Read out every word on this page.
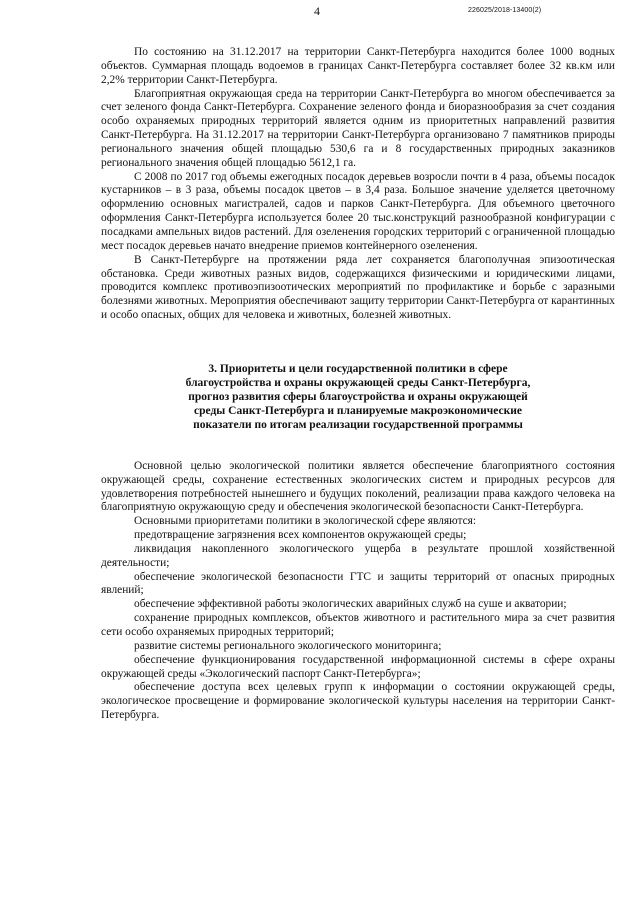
4	226025/2018-13400(2)

По состоянию на 31.12.2017 на территории Санкт-Петербурга находится более 1000 водных объектов. Суммарная площадь водоемов в границах Санкт-Петербурга составляет более 32 кв.км или 2,2% территории Санкт-Петербурга.

Благоприятная окружающая среда на территории Санкт-Петербурга во многом обеспечивается за счет зеленого фонда Санкт-Петербурга. Сохранение зеленого фонда и биоразнообразия за счет создания особо охраняемых природных территорий является одним из приоритетных направлений развития Санкт-Петербурга. На 31.12.2017 на территории Санкт-Петербурга организовано 7 памятников природы регионального значения общей площадью 530,6 га и 8 государственных природных заказников регионального значения общей площадью 5612,1 га.

С 2008 по 2017 год объемы ежегодных посадок деревьев возросли почти в 4 раза, объемы посадок кустарников – в 3 раза, объемы посадок цветов – в 3,4 раза. Большое значение уделяется цветочному оформлению основных магистралей, садов и парков Санкт-Петербурга. Для объемного цветочного оформления Санкт-Петербурга используется более 20 тыс.конструкций разнообразной конфигурации с посадками ампельных видов растений. Для озеленения городских территорий с ограниченной площадью мест посадок деревьев начато внедрение приемов контейнерного озеленения.

В Санкт-Петербурге на протяжении ряда лет сохраняется благополучная эпизоотическая обстановка. Среди животных разных видов, содержащихся физическими и юридическими лицами, проводится комплекс противоэпизоотических мероприятий по профилактике и борьбе с заразными болезнями животных. Мероприятия обеспечивают защиту территории Санкт-Петербурга от карантинных и особо опасных, общих для человека и животных, болезней животных.

3. Приоритеты и цели государственной политики в сфере
благоустройства и охраны окружающей среды Санкт-Петербурга,
прогноз развития сферы благоустройства и охраны окружающей
среды Санкт-Петербурга и планируемые макроэкономические
показатели по итогам реализации государственной программы

Основной целью экологической политики является обеспечение благоприятного состояния окружающей среды, сохранение естественных экологических систем и природных ресурсов для удовлетворения потребностей нынешнего и будущих поколений, реализации права каждого человека на благоприятную окружающую среду и обеспечения экологической безопасности Санкт-Петербурга.

Основными приоритетами политики в экологической сфере являются:

предотвращение загрязнения всех компонентов окружающей среды;

ликвидация накопленного экологического ущерба в результате прошлой хозяйственной деятельности;

обеспечение экологической безопасности ГТС и защиты территорий от опасных природных явлений;

обеспечение эффективной работы экологических аварийных служб на суше и акватории;

сохранение природных комплексов, объектов животного и растительного мира за счет развития сети особо охраняемых природных территорий;

развитие системы регионального экологического мониторинга;

обеспечение функционирования государственной информационной системы в сфере охраны окружающей среды «Экологический паспорт Санкт-Петербурга»;

обеспечение доступа всех целевых групп к информации о состоянии окружающей среды, экологическое просвещение и формирование экологической культуры населения на территории Санкт-Петербурга.
